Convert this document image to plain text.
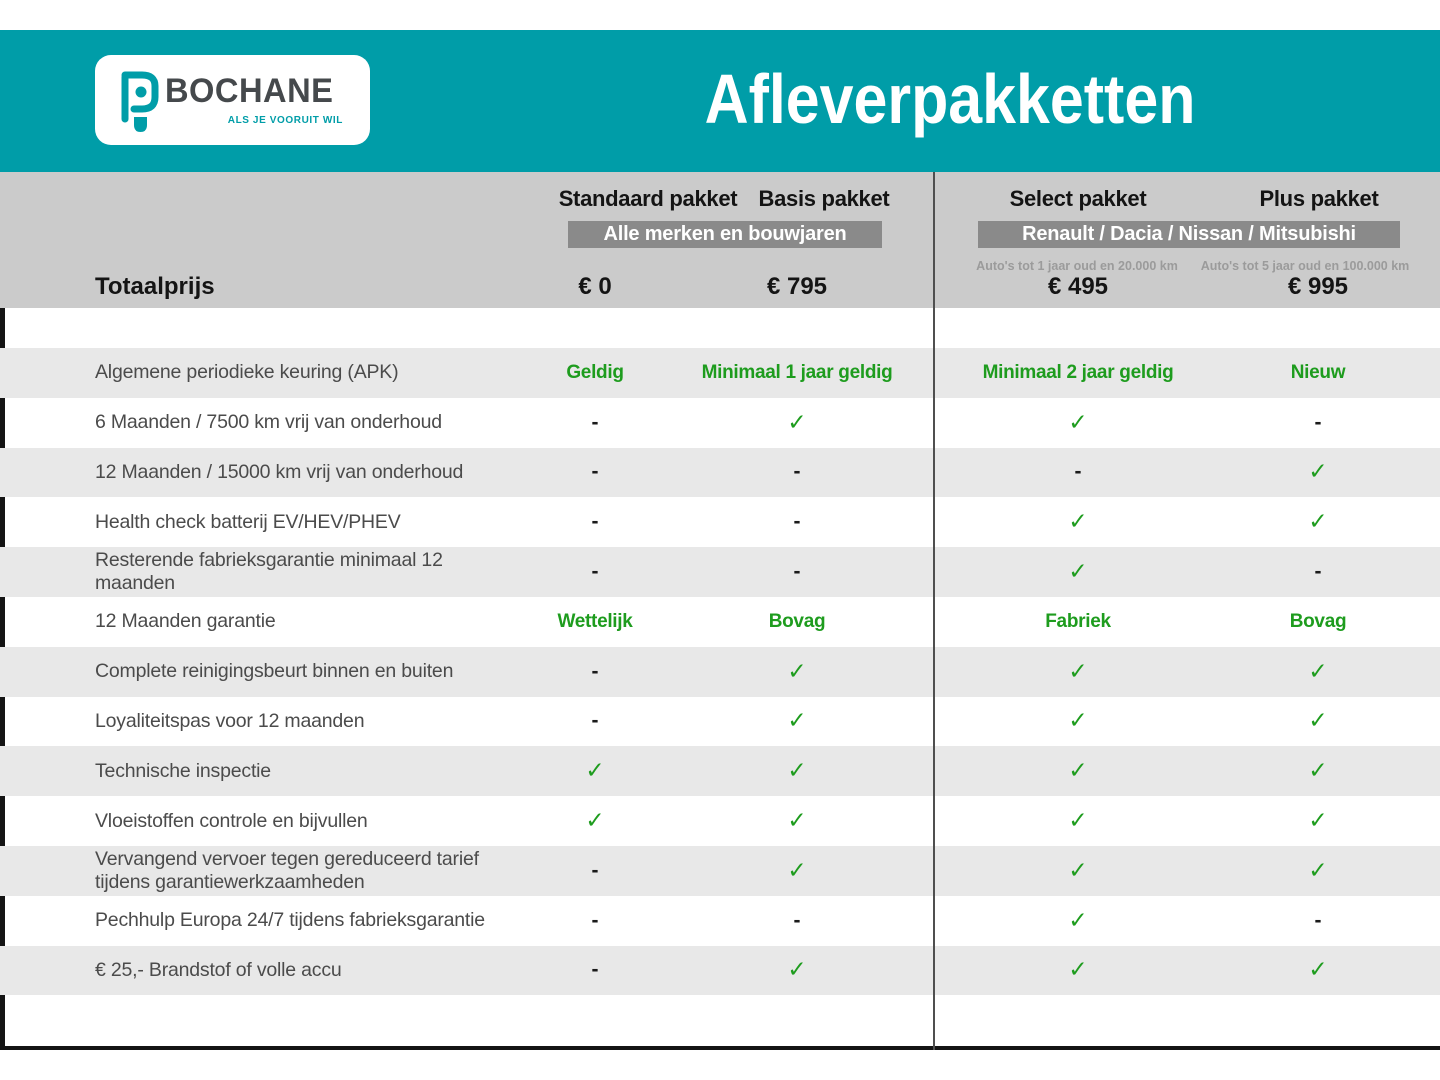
BOCHANE
ALS JE VOORUIT WIL	Afleverpakketten
Standaard pakket Basis pakket	Select pakket	Plus pakket
Alle merken en bouwjaren	Renault / Dacia / Nissan / Mitsubishi
Auto's tot 1 jaar oud en 20.000 km	Auto's tot 5 jaar oud en 100.000 km
Totaalprijs	€ 0	€ 795	€ 495	€ 995
Algemene periodieke keuring (APK)	Geldig	Minimaal 1 jaar geldig	Minimaal 2 jaar geldig	Nieuw
6 Maanden / 7500 km vrij van onderhoud	-	✓	✓	-
12 Maanden / 15000 km vrij van onderhoud	-	-	-	✓
Health check batterij EV/HEV/PHEV	-	-	✓	✓
Resterende fabrieksgarantie minimaal 12 maanden	-	-	✓	-
12 Maanden garantie	Wettelijk	Bovag	Fabriek	Bovag
Complete reinigingsbeurt binnen en buiten	-	✓	✓	✓
Loyaliteitspas voor 12 maanden	-	✓	✓	✓
Technische inspectie	✓	✓	✓	✓
Vloeistoffen controle en bijvullen	✓	✓	✓	✓
Vervangend vervoer tegen gereduceerd tarief tijdens garantiewerkzaamheden	-	✓	✓	✓
Pechhulp Europa 24/7 tijdens fabrieksgarantie	-	-	✓	-
€ 25,- Brandstof of volle accu	-	✓	✓	✓
